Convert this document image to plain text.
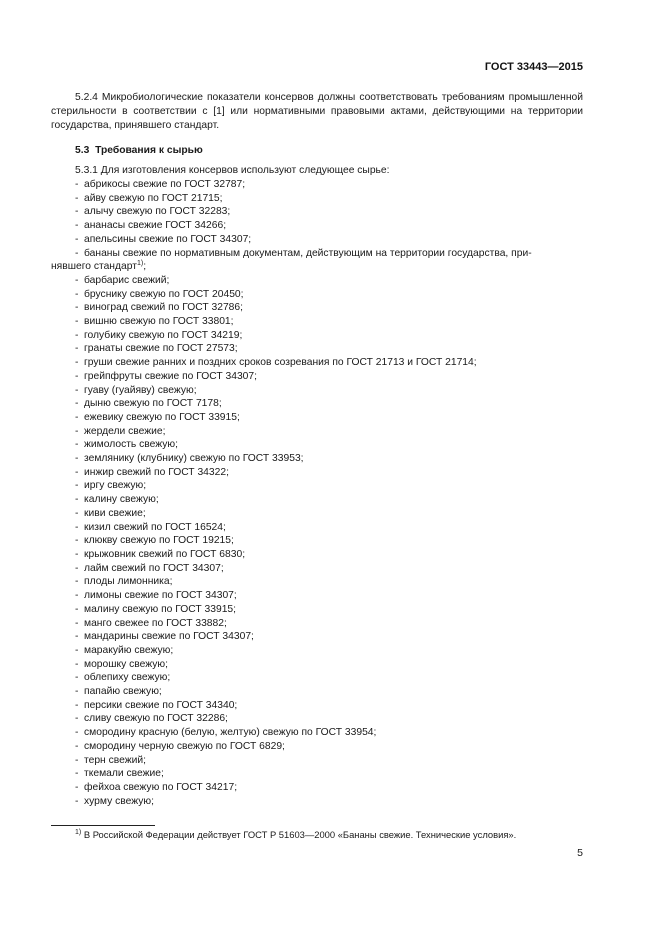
ГОСТ 33443—2015

5.2.4 Микробиологические показатели консервов должны соответствовать требованиям промышленной стерильности в соответствии с [1] или нормативными правовыми актами, действующими на территории государства, принявшего стандарт.

5.3 Требования к сырью

5.3.1 Для изготовления консервов используют следующее сырье:

- абрикосы свежие по ГОСТ 32787;
- айву свежую по ГОСТ 21715;
- алычу свежую по ГОСТ 32283;
- ананасы свежие ГОСТ 34266;
- апельсины свежие по ГОСТ 34307;
- бананы свежие по нормативным документам, действующим на территории государства, при-
нявшего стандарт$^{1)}$;
- барбарис свежий;
- бруснику свежую по ГОСТ 20450;
- виноград свежий по ГОСТ 32786;
- вишню свежую по ГОСТ 33801;
- голубику свежую по ГОСТ 34219;
- гранаты свежие по ГОСТ 27573;
- груши свежие ранних и поздних сроков созревания по ГОСТ 21713 и ГОСТ 21714;
- грейпфруты свежие по ГОСТ 34307;
- гуаву (гуайяву) свежую;
- дыню свежую по ГОСТ 7178;
- ежевику свежую по ГОСТ 33915;
- жердели свежие;
- жимолость свежую;
- землянику (клубнику) свежую по ГОСТ 33953;
- инжир свежий по ГОСТ 34322;
- иргу свежую;
- калину свежую;
- киви свежие;
- кизил свежий по ГОСТ 16524;
- клюкву свежую по ГОСТ 19215;
- крыжовник свежий по ГОСТ 6830;
- лайм свежий по ГОСТ 34307;
- плоды лимонника;
- лимоны свежие по ГОСТ 34307;
- малину свежую по ГОСТ 33915;
- манго свежее по ГОСТ 33882;
- мандарины свежие по ГОСТ 34307;
- маракуйю свежую;
- морошку свежую;
- облепиху свежую;
- папайю свежую;
- персики свежие по ГОСТ 34340;
- сливу свежую по ГОСТ 32286;
- смородину красную (белую, желтую) свежую по ГОСТ 33954;
- смородину черную свежую по ГОСТ 6829;
- терн свежий;
- ткемали свежие;
- фейхоа свежую по ГОСТ 34217;
- хурму свежую;
$^{1)}$ В Российской Федерации действует ГОСТ Р 51603—2000 «Бананы свежие. Технические условия».
5
